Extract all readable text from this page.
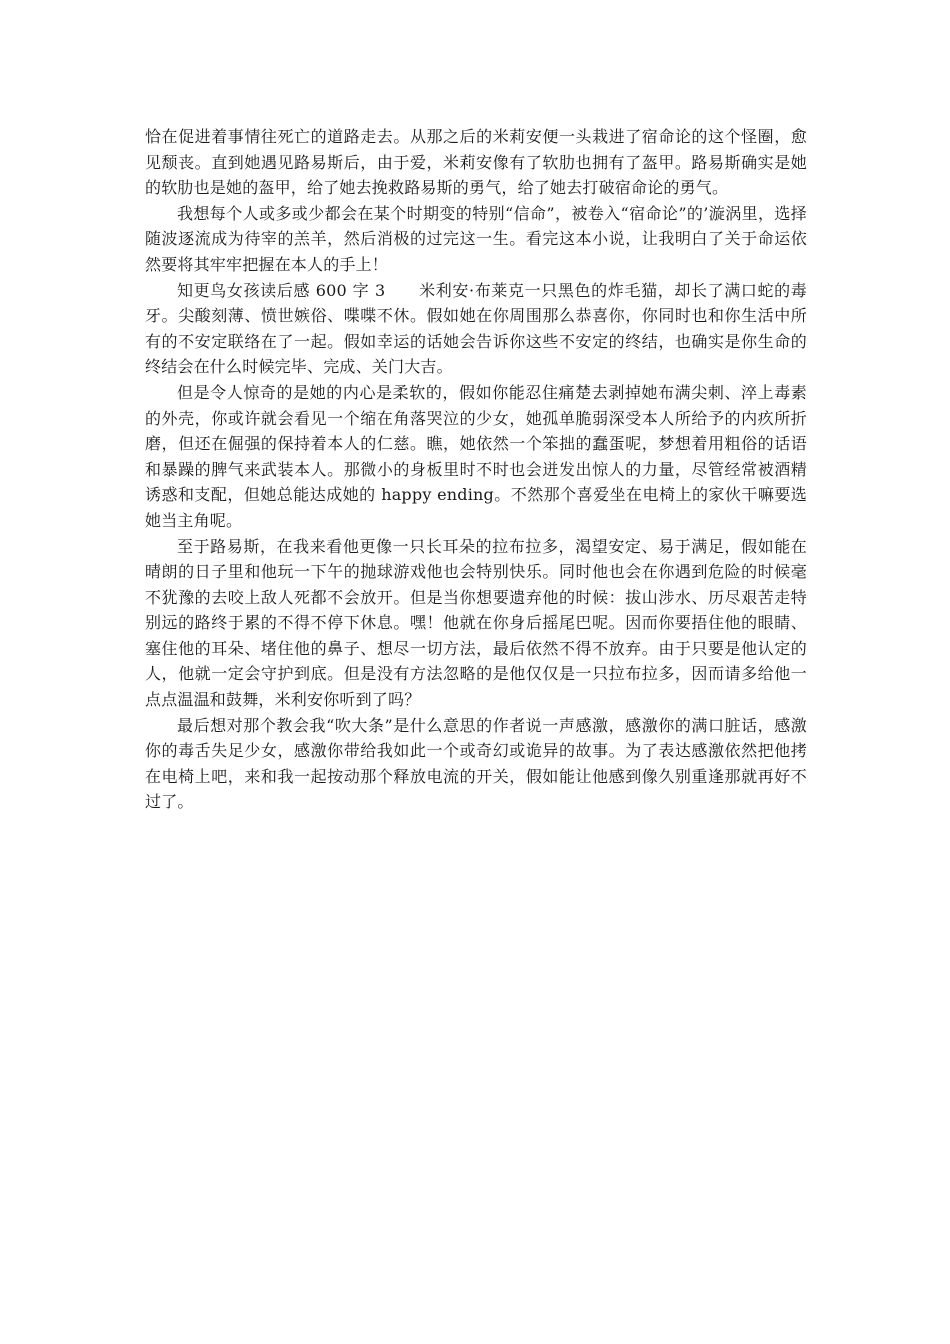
恰在促进着事情往死亡的道路走去。从那之后的米莉安便一头栽进了宿命论的这个怪圈，愈见颓丧。直到她遇见路易斯后，由于爱，米莉安像有了软肋也拥有了盔甲。路易斯确实是她的软肋也是她的盔甲，给了她去挽救路易斯的勇气，给了她去打破宿命论的勇气。

我想每个人或多或少都会在某个时期变的特别“信命”，被卷入“宿命论”的’漩涡里，选择随波逐流成为待宰的羔羊，然后消极的过完这一生。看完这本小说，让我明白了关于命运依然要将其牢牢把握在本人的手上！

知更鸟女孩读后感 600 字 3　　米利安·布莱克一只黑色的炸毛猫，却长了满口蛇的毒牙。尖酸刻薄、愤世嫉俗、喋喋不休。假如她在你周围那么恭喜你，你同时也和你生活中所有的不安定联络在了一起。假如幸运的话她会告诉你这些不安定的终结，也确实是你生命的终结会在什么时候完毕、完成、关门大吉。

但是令人惊奇的是她的内心是柔软的，假如你能忍住痛楚去剥掉她布满尖刺、淬上毒素的外壳，你或许就会看见一个缩在角落哭泣的少女，她孤单脆弱深受本人所给予的内疚所折磨，但还在倔强的保持着本人的仁慈。瞧，她依然一个笨拙的蠢蛋呢，梦想着用粗俗的话语和暴躁的脾气来武装本人。那微小的身板里时不时也会迸发出惊人的力量，尽管经常被酒精诱惑和支配，但她总能达成她的 happy ending。不然那个喜爱坐在电椅上的家伙干嘛要选她当主角呢。

至于路易斯，在我来看他更像一只长耳朵的拉布拉多，渴望安定、易于满足，假如能在晴朗的日子里和他玩一下午的抛球游戏他也会特别快乐。同时他也会在你遇到危险的时候毫不犹豫的去咬上敌人死都不会放开。但是当你想要遗弃他的时候：拔山涉水、历尽艰苦走特别远的路终于累的不得不停下休息。嘿！他就在你身后摇尾巴呢。因而你要捂住他的眼睛、塞住他的耳朵、堵住他的鼻子、想尽一切方法，最后依然不得不放弃。由于只要是他认定的人，他就一定会守护到底。但是没有方法忽略的是他仅仅是一只拉布拉多，因而请多给他一点点温温和鼓舞，米利安你听到了吗？

最后想对那个教会我“吹大条”是什么意思的作者说一声感激，感激你的满口脏话，感激你的毒舌失足少女，感激你带给我如此一个或奇幻或诡异的故事。为了表达感激依然把他拷在电椅上吧，来和我一起按动那个释放电流的开关，假如能让他感到像久别重逢那就再好不过了。
